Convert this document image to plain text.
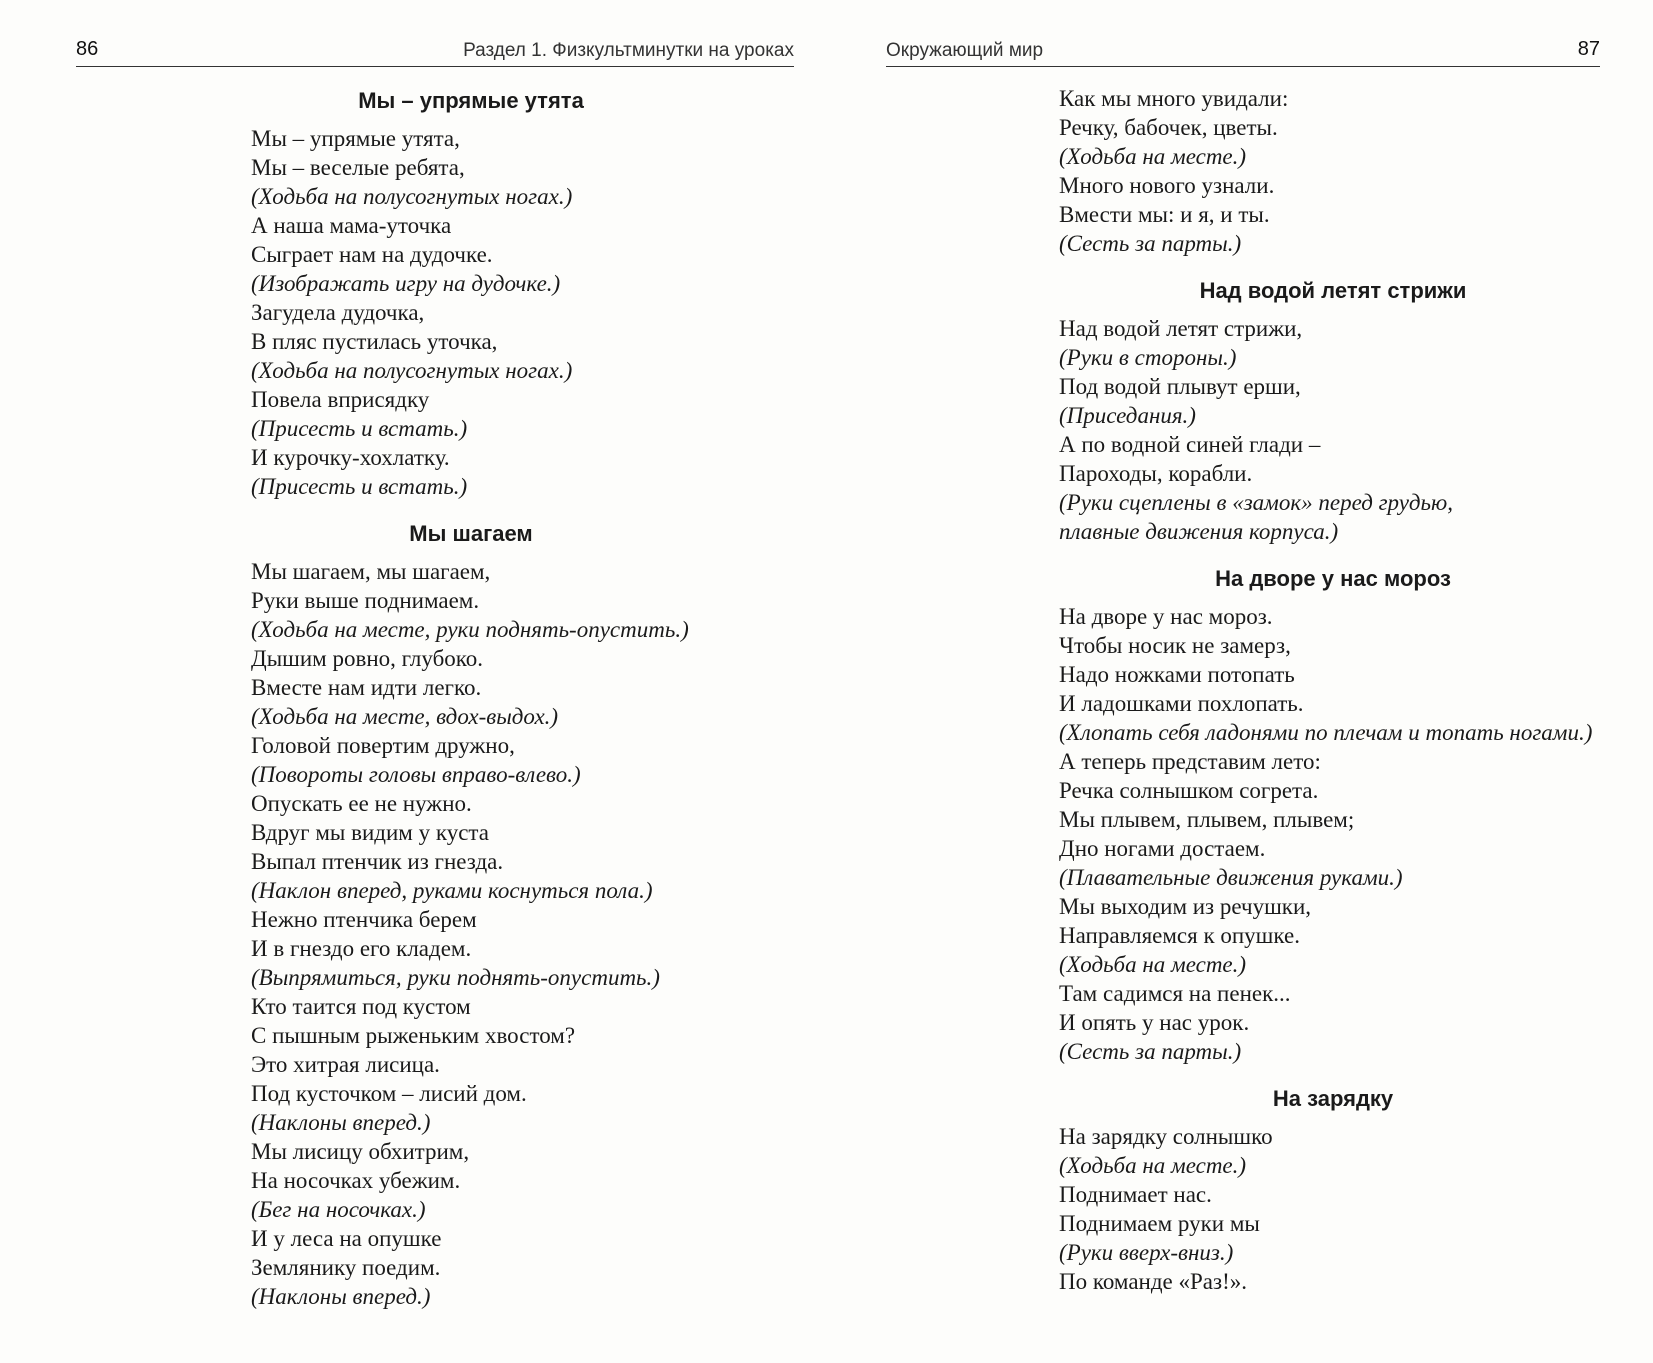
86	Раздел 1. Физкультминутки на уроках
Мы – упрямые утята
Мы – упрямые утята,
Мы – веселые ребята,
(Ходьба на полусогнутых ногах.)
А наша мама-уточка
Сыграет нам на дудочке.
(Изображать игру на дудочке.)
Загудела дудочка,
В пляс пустилась уточка,
(Ходьба на полусогнутых ногах.)
Повела вприсядку
(Присесть и встать.)
И курочку-хохлатку.
(Присесть и встать.)
Мы шагаем
Мы шагаем, мы шагаем,
Руки выше поднимаем.
(Ходьба на месте, руки поднять-опустить.)
Дышим ровно, глубоко.
Вместе нам идти легко.
(Ходьба на месте, вдох-выдох.)
Головой повертим дружно,
(Повороты головы вправо-влево.)
Опускать ее не нужно.
Вдруг мы видим у куста
Выпал птенчик из гнезда.
(Наклон вперед, руками коснуться пола.)
Нежно птенчика берем
И в гнездо его кладем.
(Выпрямиться, руки поднять-опустить.)
Кто таится под кустом
С пышным рыженьким хвостом?
Это хитрая лисица.
Под кусточком – лисий дом.
(Наклоны вперед.)
Мы лисицу обхитрим,
На носочках убежим.
(Бег на носочках.)
И у леса на опушке
Землянику поедим.
(Наклоны вперед.)
Окружающий мир	87
Как мы много увидали:
Речку, бабочек, цветы.
(Ходьба на месте.)
Много нового узнали.
Вмести мы: и я, и ты.
(Сесть за парты.)
Над водой летят стрижи
Над водой летят стрижи,
(Руки в стороны.)
Под водой плывут ерши,
(Приседания.)
А по водной синей глади –
Пароходы, корабли.
(Руки сцеплены в «замок» перед грудью,
плавные движения корпуса.)
На дворе у нас мороз
На дворе у нас мороз.
Чтобы носик не замерз,
Надо ножками потопать
И ладошками похлопать.
(Хлопать себя ладонями по плечам и топать ногами.)
А теперь представим лето:
Речка солнышком согрета.
Мы плывем, плывем, плывем;
Дно ногами достаем.
(Плавательные движения руками.)
Мы выходим из речушки,
Направляемся к опушке.
(Ходьба на месте.)
Там садимся на пенек...
И опять у нас урок.
(Сесть за парты.)
На зарядку
На зарядку солнышко
(Ходьба на месте.)
Поднимает нас.
Поднимаем руки мы
(Руки вверх-вниз.)
По команде «Раз!».
